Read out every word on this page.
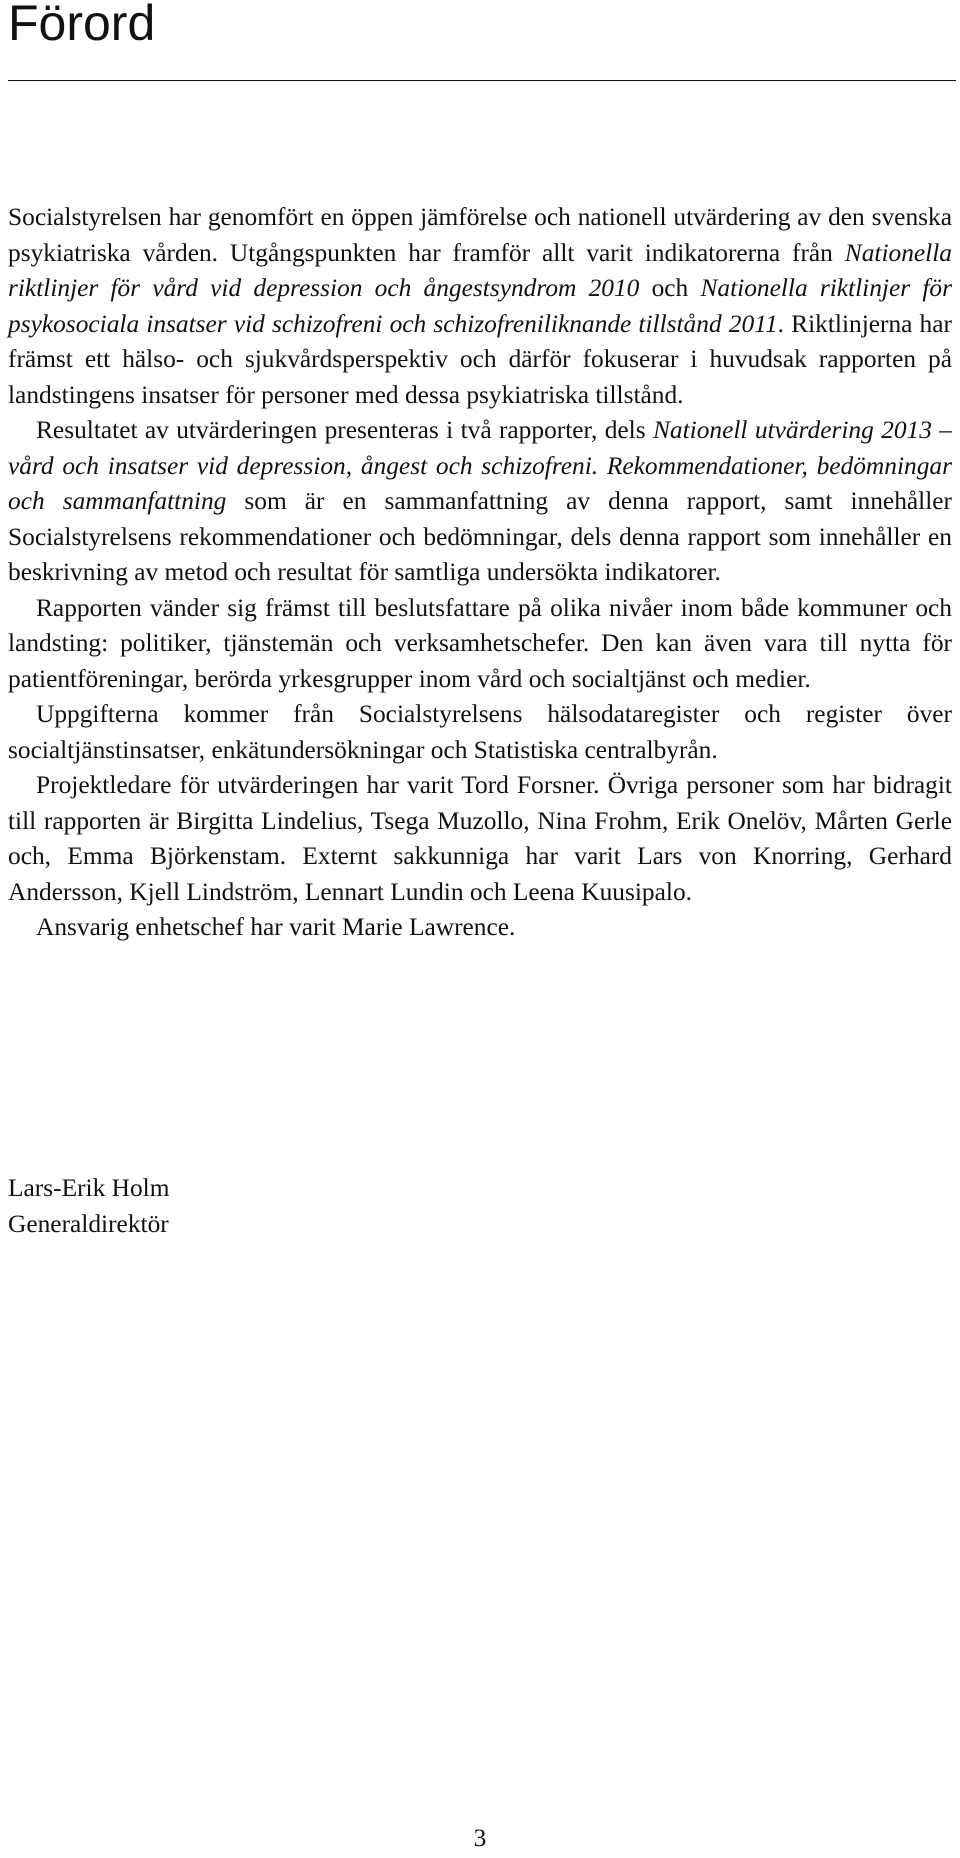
Förord

Socialstyrelsen har genomfört en öppen jämförelse och nationell utvärdering av den svenska psykiatriska vården. Utgångspunkten har framför allt varit indikatorerna från Nationella riktlinjer för vård vid depression och ångestsyndrom 2010 och Nationella riktlinjer för psykosociala insatser vid schizofreni och schizofreniliknande tillstånd 2011. Riktlinjerna har främst ett hälso- och sjukvårdsperspektiv och därför fokuserar i huvudsak rapporten på landstingens insatser för personer med dessa psykiatriska tillstånd.

Resultatet av utvärderingen presenteras i två rapporter, dels Nationell utvärdering 2013 – vård och insatser vid depression, ångest och schizofreni. Rekommendationer, bedömningar och sammanfattning som är en sammanfattning av denna rapport, samt innehåller Socialstyrelsens rekommendationer och bedömningar, dels denna rapport som innehåller en beskrivning av metod och resultat för samtliga undersökta indikatorer.

Rapporten vänder sig främst till beslutsfattare på olika nivåer inom både kommuner och landsting: politiker, tjänstemän och verksamhetschefer. Den kan även vara till nytta för patientföreningar, berörda yrkesgrupper inom vård och socialtjänst och medier.

Uppgifterna kommer från Socialstyrelsens hälsodataregister och register över socialtjänstinsatser, enkätundersökningar och Statistiska centralbyrån.

Projektledare för utvärderingen har varit Tord Forsner. Övriga personer som har bidragit till rapporten är Birgitta Lindelius, Tsega Muzollo, Nina Frohm, Erik Onelöv, Mårten Gerle och, Emma Björkenstam. Externt sakkunniga har varit Lars von Knorring, Gerhard Andersson, Kjell Lindström, Lennart Lundin och Leena Kuusipalo.

Ansvarig enhetschef har varit Marie Lawrence.

Lars-Erik Holm
Generaldirektör
3
